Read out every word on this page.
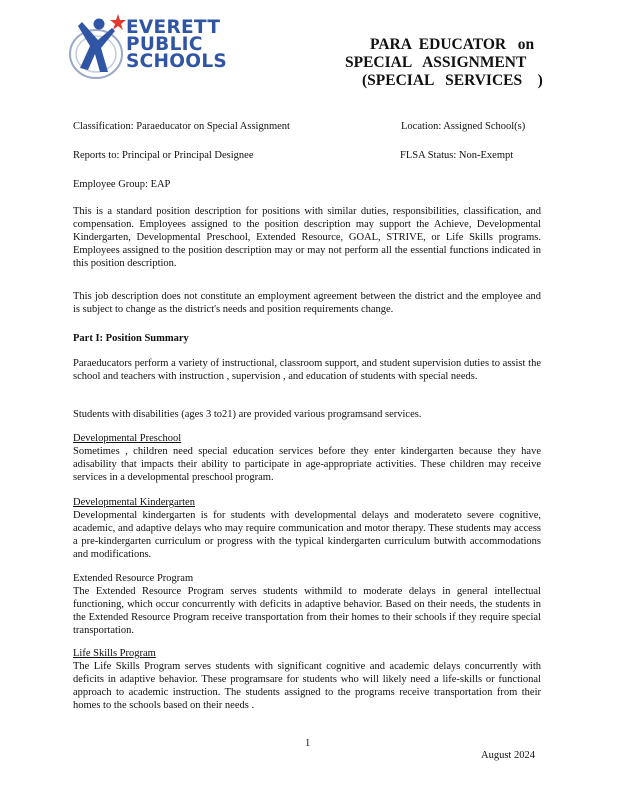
EVERETT
PUBLIC
SCHOOLS
PARA  EDUCATOR   on
SPECIAL   ASSIGNMENT
(SPECIAL   SERVICES    )
Classification: Paraeducator on Special Assignment	Location: Assigned School(s)
Reports to: Principal or Principal Designee	FLSA Status: Non-Exempt
Employee Group: EAP
This is a standard position description for positions with similar duties, responsibilities, classification, and compensation. Employees assigned to the position description may support the Achieve, Developmental Kindergarten, Developmental Preschool, Extended Resource, GOAL, STRIVE, or Life Skills programs. Employees assigned to the position description may or may not perform all the essential functions indicated in this position description.
This job description does not constitute an employment agreement between the district and the employee and is subject to change as the district's needs and position requirements change.
Part I: Position Summary
Paraeducators perform a variety of instructional, classroom support, and student supervision duties to assist the school and teachers with instruction , supervision , and education of students with special needs.
Students with disabilities (ages 3 to21) are provided various programsand services.
Developmental Preschool
Sometimes , children need special education services before they enter kindergarten because they have adisability that impacts their ability to participate in age-appropriate activities. These children may receive services in a developmental preschool program.
Developmental Kindergarten
Developmental kindergarten is for students with developmental delays and moderateto severe cognitive, academic, and adaptive delays who may require communication and motor therapy. These students may access a pre-kindergarten curriculum or progress with the typical kindergarten curriculum butwith accommodations and modifications.
Extended Resource Program
The Extended Resource Program serves students withmild to moderate delays in general intellectual functioning, which occur concurrently with deficits in adaptive behavior. Based on their needs, the students in the Extended Resource Program receive transportation from their homes to their schools if they require special transportation.
Life Skills Program
The Life Skills Program serves students with significant cognitive and academic delays concurrently with deficits in adaptive behavior. These programsare for students who will likely need a life-skills or functional approach to academic instruction. The students assigned to the programs receive transportation from their homes to the schools based on their needs .
1
August 2024
